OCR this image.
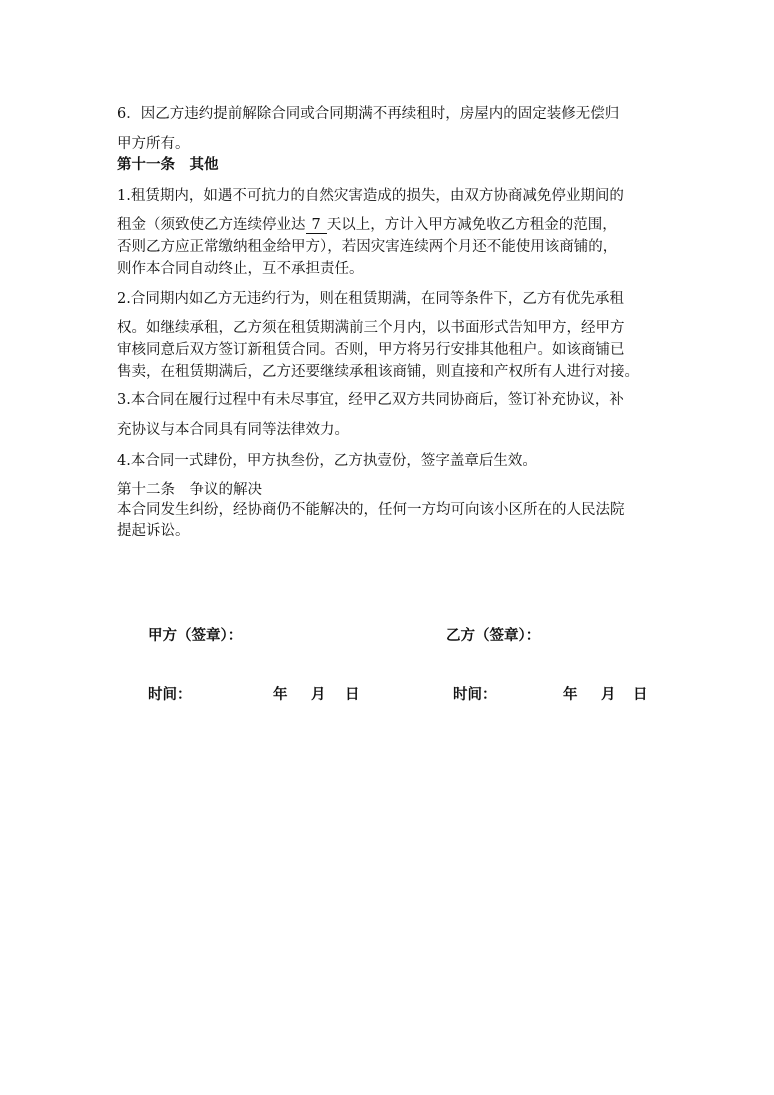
6．因乙方违约提前解除合同或合同期满不再续租时，房屋内的固定装修无偿归
甲方所有。
第十一条　其他
1.租赁期内，如遇不可抗力的自然灾害造成的损失，由双方协商减免停业期间的
租金（须致使乙方连续停业达 7 天以上，方计入甲方减免收乙方租金的范围，
否则乙方应正常缴纳租金给甲方），若因灾害连续两个月还不能使用该商铺的，
则作本合同自动终止，互不承担责任。
2.合同期内如乙方无违约行为，则在租赁期满，在同等条件下，乙方有优先承租
权。如继续承租，乙方须在租赁期满前三个月内，以书面形式告知甲方，经甲方
审核同意后双方签订新租赁合同。否则，甲方将另行安排其他租户。如该商铺已
售卖，在租赁期满后，乙方还要继续承租该商铺，则直接和产权所有人进行对接。
3.本合同在履行过程中有未尽事宜，经甲乙双方共同协商后，签订补充协议，补
充协议与本合同具有同等法律效力。
4.本合同一式肆份，甲方执叁份，乙方执壹份，签字盖章后生效。
第十二条　争议的解决
本合同发生纠纷，经协商仍不能解决的，任何一方均可向该小区所在的人民法院
提起诉讼。
甲方（签章）：	乙方（签章）：
时间：	年 月 日	时间：	年 月 日
